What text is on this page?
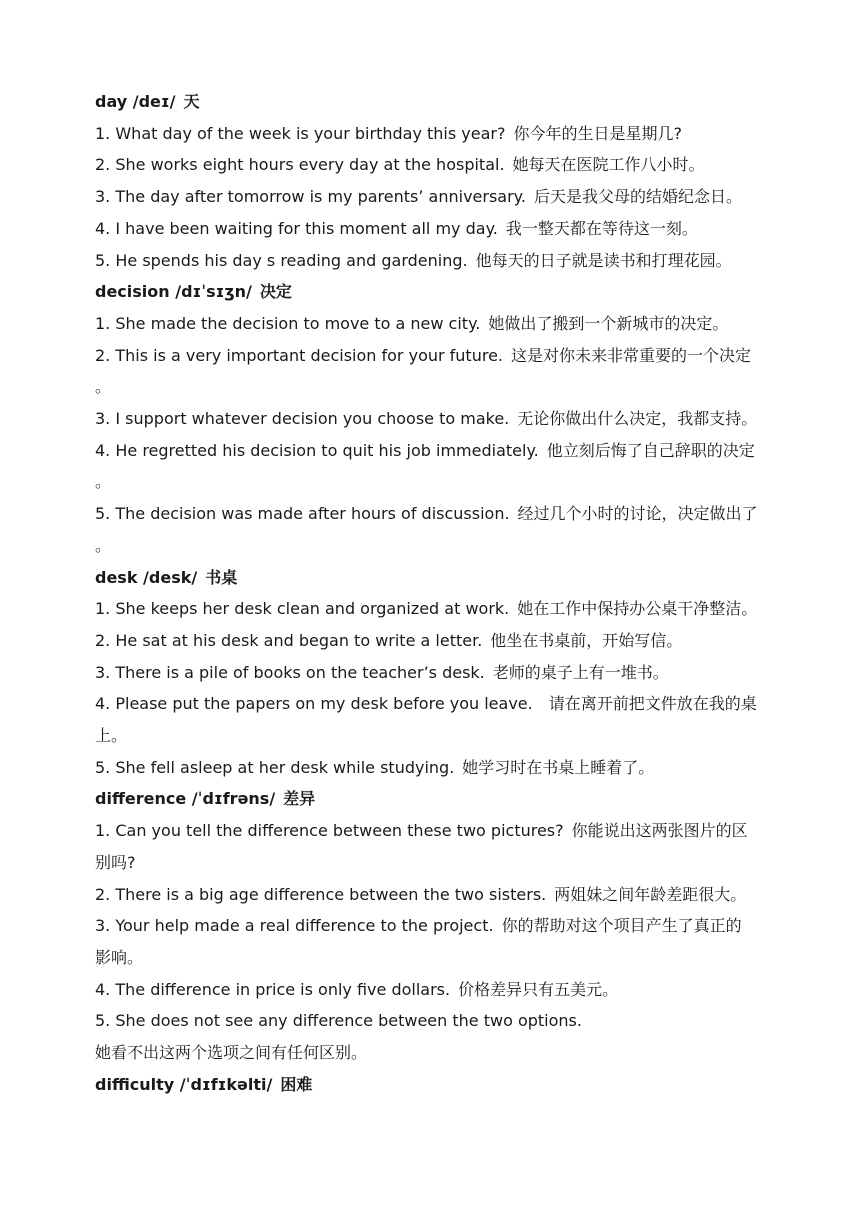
day /deɪ/ 天
1. What day of the week is your birthday this year? 你今年的生日是星期几?
2. She works eight hours every day at the hospital. 她每天在医院工作八小时。
3. The day after tomorrow is my parents’ anniversary. 后天是我父母的结婚纪念日。
4. I have been waiting for this moment all my day. 我一整天都在等待这一刻。
5. He spends his day s reading and gardening. 他每天的日子就是读书和打理花园。
decision /dɪˈsɪʒn/ 决定
1. She made the decision to move to a new city. 她做出了搬到一个新城市的决定。
2. This is a very important decision for your future. 这是对你未来非常重要的一个决定
。
3. I support whatever decision you choose to make. 无论你做出什么决定，我都支持。
4. He regretted his decision to quit his job immediately. 他立刻后悔了自己辞职的决定
。
5. The decision was made after hours of discussion. 经过几个小时的讨论，决定做出了
。
desk /desk/ 书桌
1. She keeps her desk clean and organized at work. 她在工作中保持办公桌干净整洁。
2. He sat at his desk and began to write a letter. 他坐在书桌前，开始写信。
3. There is a pile of books on the teacher’s desk. 老师的桌子上有一堆书。
4. Please put the papers on my desk before you leave. 请在离开前把文件放在我的桌
上。
5. She fell asleep at her desk while studying. 她学习时在书桌上睡着了。
difference /ˈdɪfrəns/ 差异
1. Can you tell the difference between these two pictures? 你能说出这两张图片的区
别吗?
2. There is a big age difference between the two sisters. 两姐妹之间年龄差距很大。
3. Your help made a real difference to the project. 你的帮助对这个项目产生了真正的
影响。
4. The difference in price is only five dollars. 价格差异只有五美元。
5. She does not see any difference between the two options.
她看不出这两个选项之间有任何区别。
difficulty /ˈdɪfɪkəlti/ 困难
